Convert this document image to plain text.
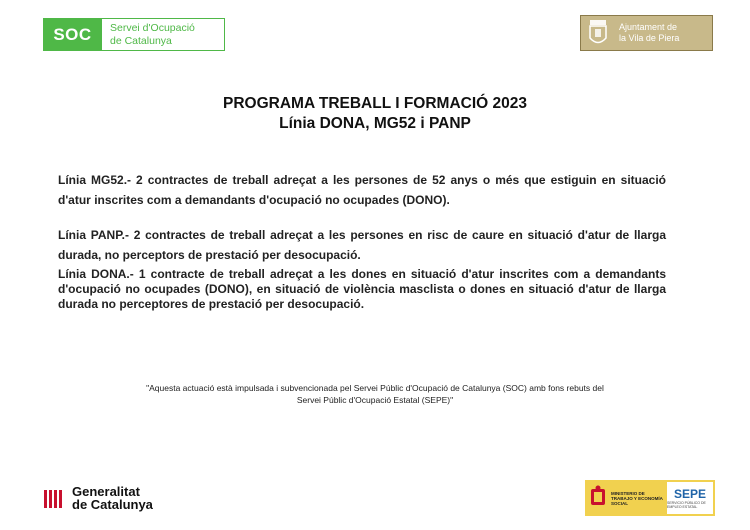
SOC	Servei d'Ocupació
de Catalunya
Ajuntament de
la Vila de Piera
PROGRAMA TREBALL I FORMACIÓ 2023
Línia DONA, MG52 i PANP
Línia MG52.- 2 contractes de treball adreçat a les persones de 52 anys o més que estiguin en situació d'atur inscrites com a demandants d'ocupació no ocupades (DONO).
Línia PANP.- 2 contractes de treball adreçat a les persones en risc de caure en situació d'atur de llarga durada, no perceptors de prestació per desocupació.
Línia DONA.- 1 contracte de treball adreçat a les dones en situació d'atur inscrites com a demandants d'ocupació no ocupades (DONO), en situació de violència masclista o dones en situació d'atur de llarga durada no perceptores de prestació per desocupació.
"Aquesta actuació està impulsada i subvencionada pel Servei Públic d'Ocupació de Catalunya (SOC) amb fons rebuts del
Servei Públic d'Ocupació Estatal (SEPE)"
Generalitat
de Catalunya
MINISTERIO DE TRABAJO Y ECONOMÍA SOCIAL
SEPE
SERVICIO PÚBLICO DE EMPLEO ESTATAL
